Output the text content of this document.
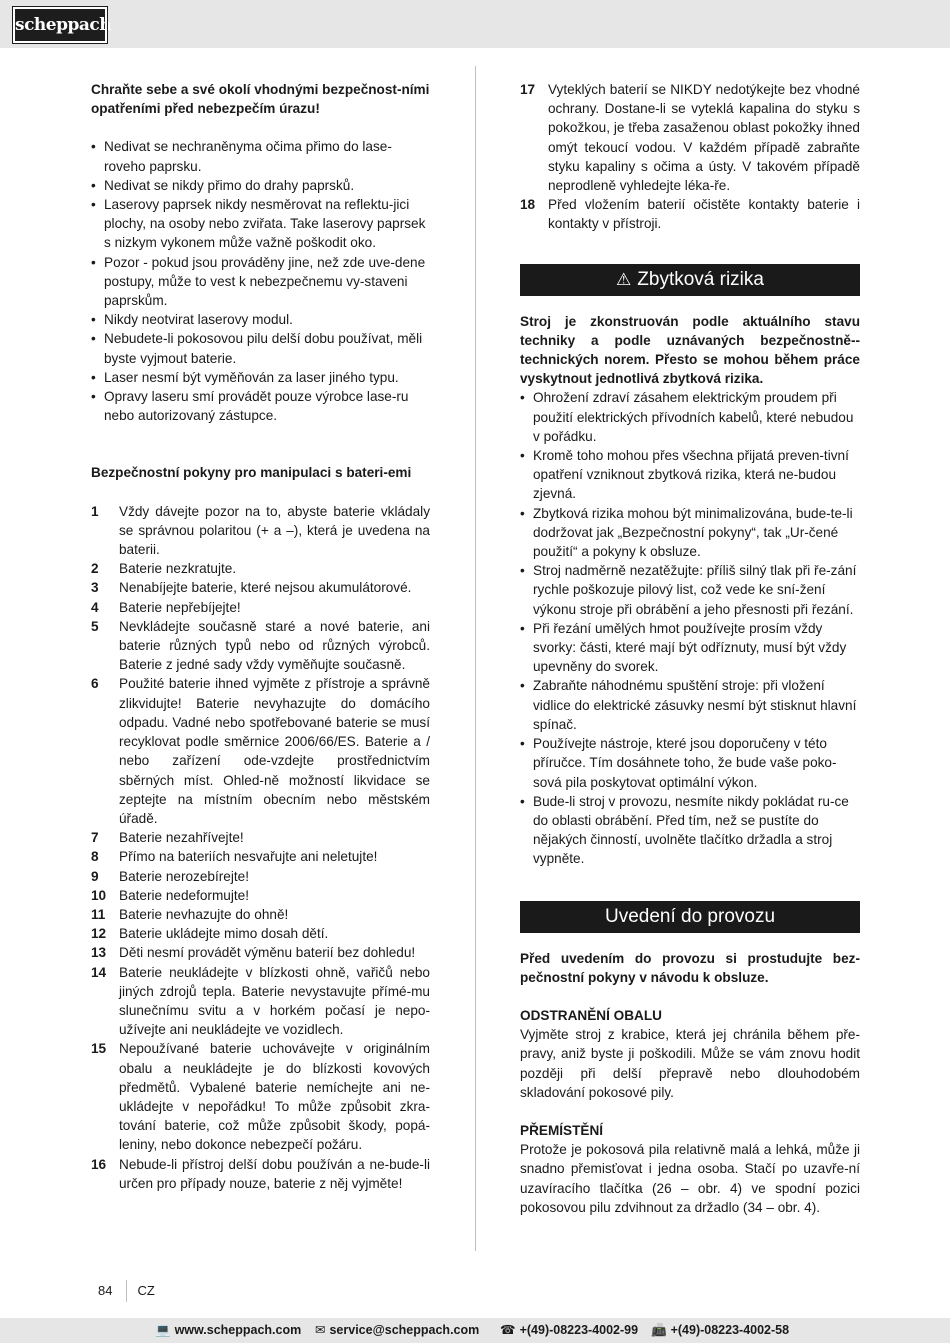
scheppach

Chraňte sebe a své okolí vhodnými bezpečnost-ními opatřeními před nebezpečím úrazu!

• Nedivat se nechraněnyma očima přimo do lase-roveho paprsku.
• Nedivat se nikdy přimo do drahy paprsků.
• Laserovy paprsek nikdy nesměrovat na reflektu-jici plochy, na osoby nebo zviřata. Take laserovy paprsek s nizkym vykonem může važně poškodit oko.
• Pozor - pokud jsou prováděny jine, než zde uve-dene postupy, může to vest k nebezpečnemu vy-staveni paprskům.
• Nikdy neotvirat laserovy modul.
• Nebudete-li pokosovou pilu delší dobu používat, měli byste vyjmout baterie.
• Laser nesmí být vyměňován za laser jiného typu.
• Opravy laseru smí provádět pouze výrobce lase-ru nebo autorizovaný zástupce.

Bezpečnostní pokyny pro manipulaci s bateri-emi

1	Vždy dávejte pozor na to, abyste baterie vkládaly se správnou polaritou (+ a –), která je uvedena na baterii.
2	Baterie nezkratujte.
3	Nenabíjejte baterie, které nejsou akumulátorové.
4	Baterie nepřebíjejte!
5	Nevkládejte současně staré a nové baterie, ani baterie různých typů nebo od různých výrobců. Baterie z jedné sady vždy vyměňujte současně.
6	Použité baterie ihned vyjměte z přístroje a správně zlikvidujte! Baterie nevyhazujte do domácího odpadu. Vadné nebo spotřebované baterie se musí recyklovat podle směrnice 2006/66/ES. Baterie a / nebo zařízení ode-vzdejte prostřednictvím sběrných míst. Ohled-ně možností likvidace se zeptejte na místním obecním nebo městském úřadě.
7	Baterie nezahřívejte!
8	Přímo na bateriích nesvařujte ani neletujte!
9	Baterie nerozebírejte!
10 Baterie nedeformujte!
11	Baterie nevhazujte do ohně!
12 Baterie ukládejte mimo dosah dětí.
13 Děti nesmí provádět výměnu baterií bez dohledu!
14 Baterie neukládejte v blízkosti ohně, vařičů nebo jiných zdrojů tepla. Baterie nevystavujte přímé-mu slunečnímu svitu a v horkém počasí je nepo-užívejte ani neukládejte ve vozidlech.
15 Nepoužívané baterie uchovávejte v originálním obalu a neukládejte je do blízkosti kovových předmětů. Vybalené baterie nemíchejte ani ne-ukládejte v nepořádku! To může způsobit zkra-tování baterie, což může způsobit škody, popá-leniny, nebo dokonce nebezpečí požáru.
16 Nebude-li přístroj delší dobu používán a ne-bude-li určen pro případy nouze, baterie z něj vyjměte!
17 Vyteklých baterií se NIKDY nedotýkejte bez vhodné ochrany. Dostane-li se vyteklá kapalina do styku s pokožkou, je třeba zasaženou oblast pokožky ihned omýt tekoucí vodou. V každém případě zabraňte styku kapaliny s očima a ústy. V takovém případě neprodleně vyhledejte léka-ře.
18 Před vložením baterií očistěte kontakty baterie i kontakty v přístroji.
⚠ Zbytková rizika

Stroj je zkonstruován podle aktuálního stavu techniky a podle uznávaných bezpečnostně--technických norem. Přesto se mohou během práce vyskytnout jednotlivá zbytková rizika.

• Ohrožení zdraví zásahem elektrickým proudem při použití elektrických přívodních kabelů, které nebudou v pořádku.
• Kromě toho mohou přes všechna přijatá preven-tivní opatření vzniknout zbytková rizika, která ne-budou zjevná.
• Zbytková rizika mohou být minimalizována, bude-te-li dodržovat jak „Bezpečnostní pokyny“, tak „Ur-čené použití“ a pokyny k obsluze.
• Stroj nadměrně nezatěžujte: příliš silný tlak při ře-zání rychle poškozuje pilový list, což vede ke sní-žení výkonu stroje při obrábění a jeho přesnosti při řezání.
• Při řezání umělých hmot používejte prosím vždy svorky: části, které mají být odříznuty, musí být vždy upevněny do svorek.
• Zabraňte náhodnému spuštění stroje: při vložení vidlice do elektrické zásuvky nesmí být stisknut hlavní spínač.
• Používejte nástroje, které jsou doporučeny v této příručce. Tím dosáhnete toho, že bude vaše poko-sová pila poskytovat optimální výkon.
• Bude-li stroj v provozu, nesmíte nikdy pokládat ru-ce do oblasti obrábění. Před tím, než se pustíte do nějakých činností, uvolněte tlačítko držadla a stroj vypněte.
Uvedení do provozu

Před uvedením do provozu si prostudujte bez-pečnostní pokyny v návodu k obsluze.

ODSTRANĚNÍ OBALU

Vyjměte stroj z krabice, která jej chránila během pře-pravy, aniž byste ji poškodili. Může se vám znovu hodit později při delší přepravě nebo dlouhodobém skladování pokosové pily.

PŘEMÍSTĚNÍ

Protože je pokosová pila relativně malá a lehká, může ji snadno přemisťovat i jedna osoba. Stačí po uzavře-ní uzavíracího tlačítka (26 – obr. 4) ve spodní pozici pokosovou pilu zdvihnout za držadlo (34 – obr. 4).

84 CZ
💻 www.scheppach.com ✉ service@scheppach.com ☎ +(49)-08223-4002-99 📠 +(49)-08223-4002-58
